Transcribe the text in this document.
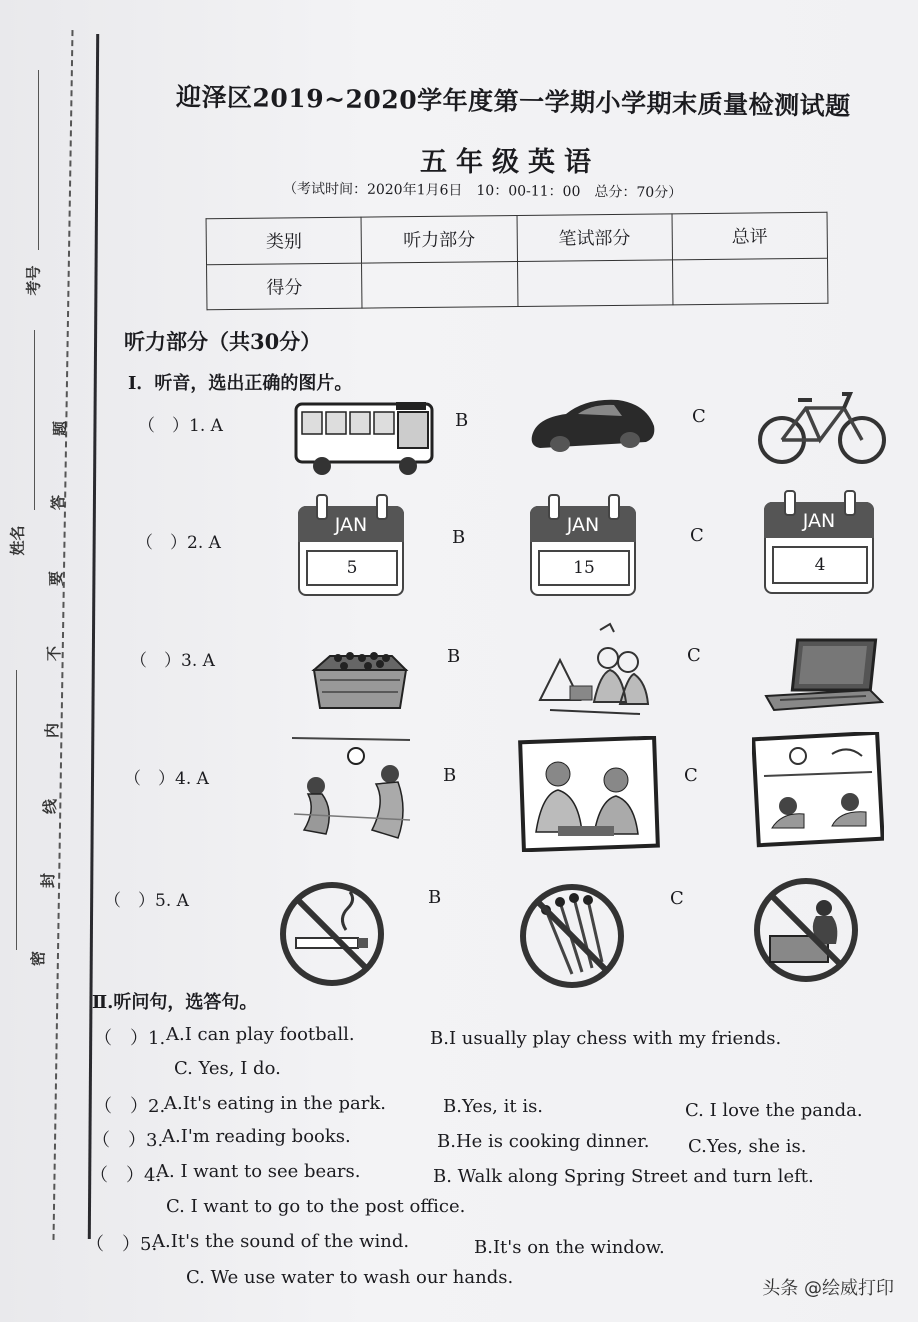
考号
姓名
题
答
要
不
内
线
封
密
迎泽区2019~2020学年度第一学期小学期末质量检测试题
五年级英语
（考试时间：2020年1月6日　10：00-11：00　总分：70分）
类别	听力部分	笔试部分	总评
得分			
听力部分（共30分）
Ⅰ．听音，选出正确的图片。
（　）1. A	B	C
（　）2. A	B	C
JAN
5
JAN
15
JAN
4
（　）3. A	B	C
（　）4. A	B	C
（　）5. A	B	C
Ⅱ.听问句，选答句。
（　）1. A.I can play football.	B.I usually play chess with my friends.
C. Yes, I do.
（　）2.
A.It's eating in the park.	B.Yes, it is.	C. I love the panda.
（　）3.
A.I'm reading books.	B.He is cooking dinner. C.Yes, she is.
（　）4.
A. I want to see bears.	B. Walk along Spring Street and turn left.
C. I want to go to the post office.
（　）5.
A.It's the sound of the wind.	B.It's on the window.
C. We use water to wash our hands.
头条 @绘威打印
